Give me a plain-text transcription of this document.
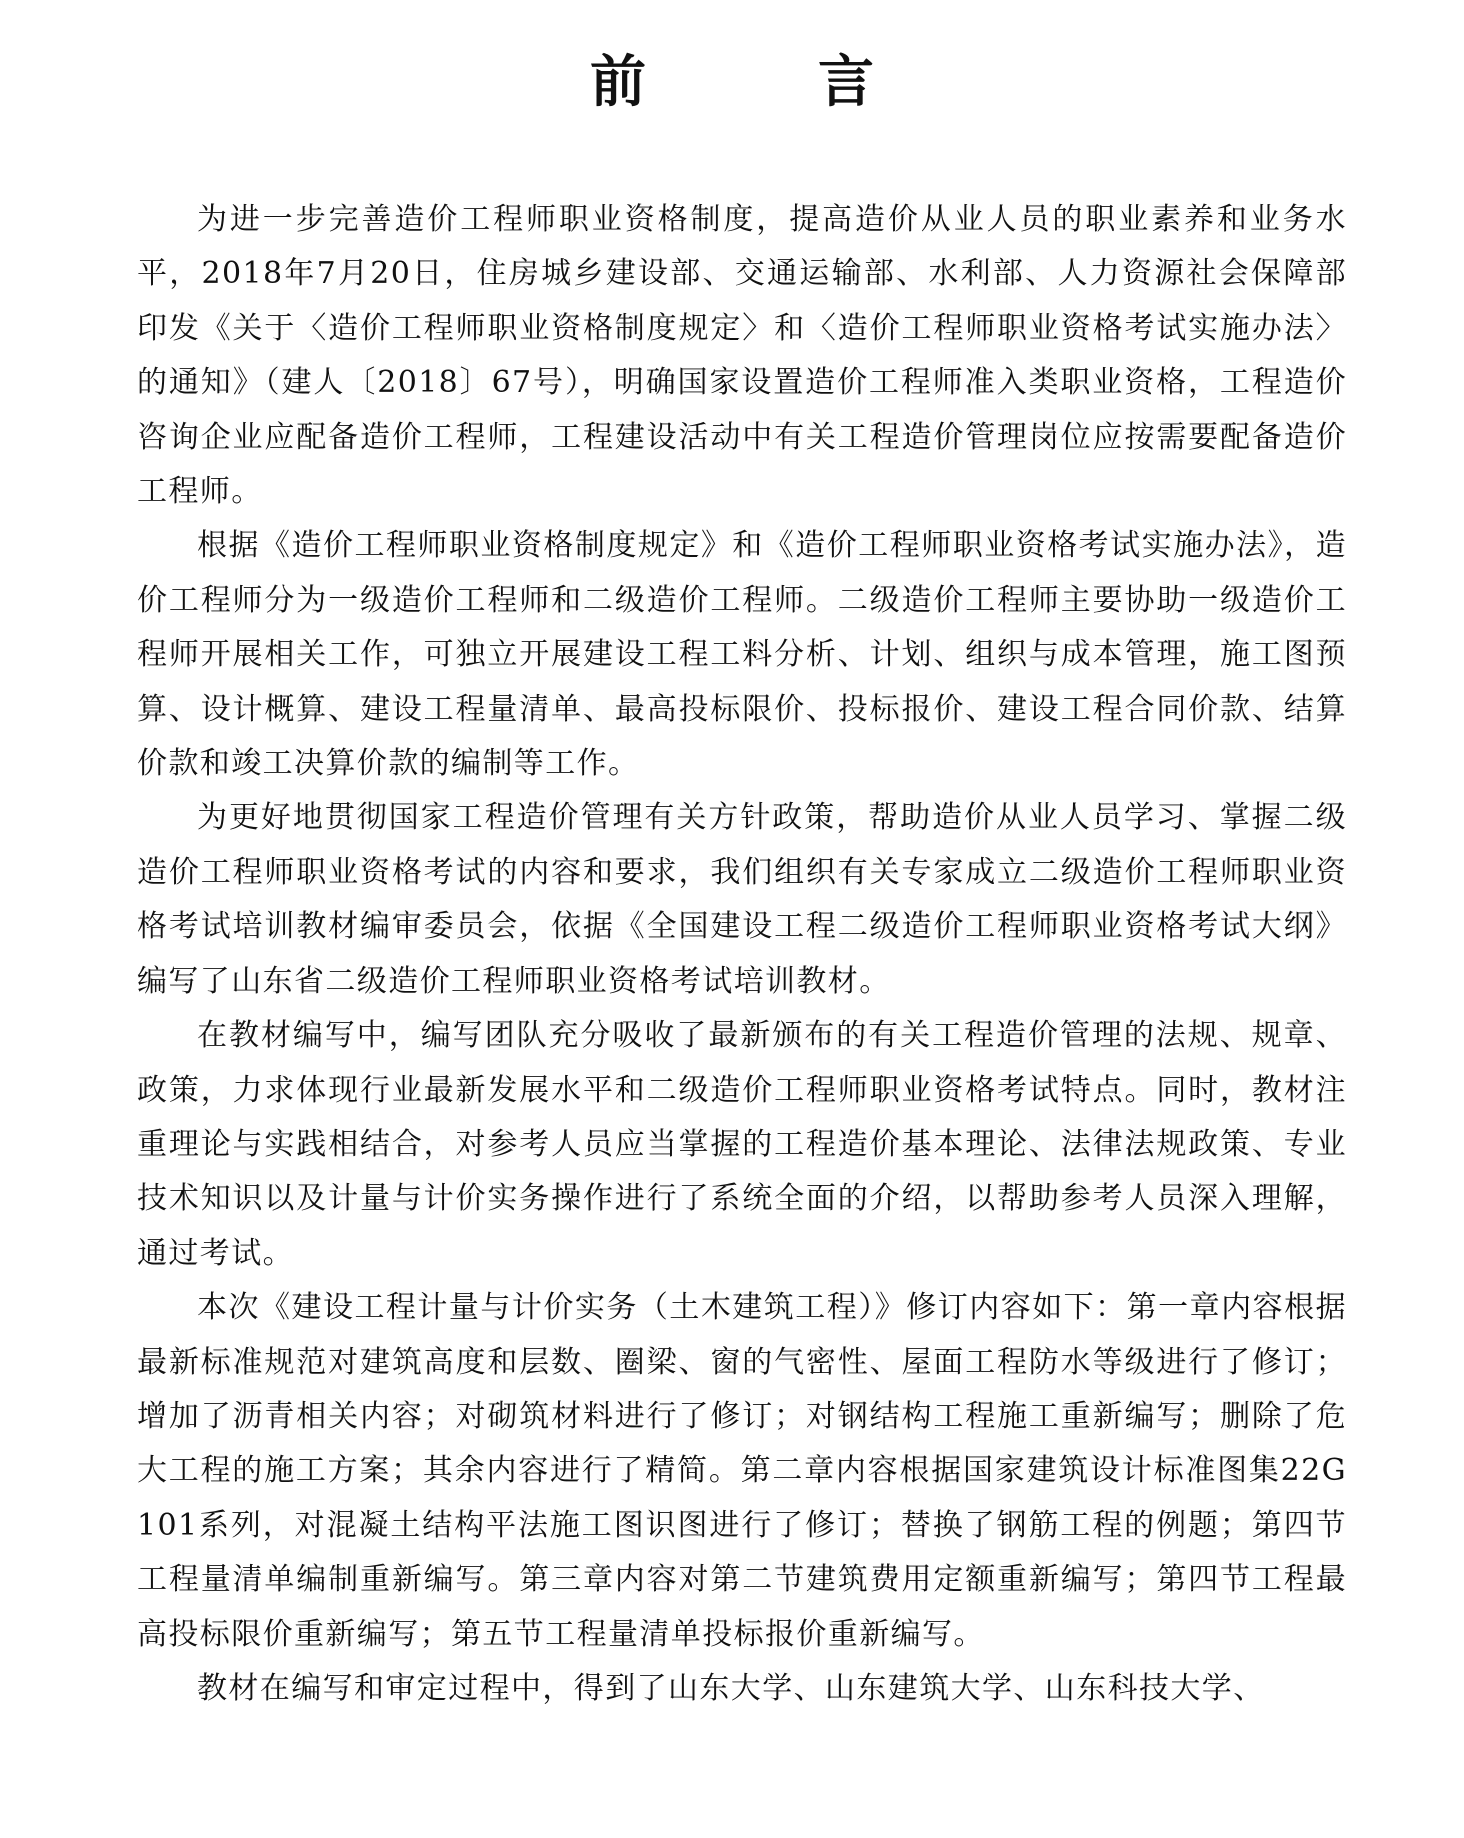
前　言

为进一步完善造价工程师职业资格制度，提高造价从业人员的职业素养和业务水平，2018年7月20日，住房城乡建设部、交通运输部、水利部、人力资源社会保障部印发《关于〈造价工程师职业资格制度规定〉和〈造价工程师职业资格考试实施办法〉的通知》（建人〔2018〕67号），明确国家设置造价工程师准入类职业资格，工程造价咨询企业应配备造价工程师，工程建设活动中有关工程造价管理岗位应按需要配备造价工程师。

根据《造价工程师职业资格制度规定》和《造价工程师职业资格考试实施办法》，造价工程师分为一级造价工程师和二级造价工程师。二级造价工程师主要协助一级造价工程师开展相关工作，可独立开展建设工程工料分析、计划、组织与成本管理，施工图预算、设计概算、建设工程量清单、最高投标限价、投标报价、建设工程合同价款、结算价款和竣工决算价款的编制等工作。

为更好地贯彻国家工程造价管理有关方针政策，帮助造价从业人员学习、掌握二级造价工程师职业资格考试的内容和要求，我们组织有关专家成立二级造价工程师职业资格考试培训教材编审委员会，依据《全国建设工程二级造价工程师职业资格考试大纲》编写了山东省二级造价工程师职业资格考试培训教材。

在教材编写中，编写团队充分吸收了最新颁布的有关工程造价管理的法规、规章、政策，力求体现行业最新发展水平和二级造价工程师职业资格考试特点。同时，教材注重理论与实践相结合，对参考人员应当掌握的工程造价基本理论、法律法规政策、专业技术知识以及计量与计价实务操作进行了系统全面的介绍，以帮助参考人员深入理解，通过考试。

本次《建设工程计量与计价实务（土木建筑工程）》修订内容如下：第一章内容根据最新标准规范对建筑高度和层数、圈梁、窗的气密性、屋面工程防水等级进行了修订；增加了沥青相关内容；对砌筑材料进行了修订；对钢结构工程施工重新编写；删除了危大工程的施工方案；其余内容进行了精简。第二章内容根据国家建筑设计标准图集22G101系列，对混凝土结构平法施工图识图进行了修订；替换了钢筋工程的例题；第四节工程量清单编制重新编写。第三章内容对第二节建筑费用定额重新编写；第四节工程最高投标限价重新编写；第五节工程量清单投标报价重新编写。

教材在编写和审定过程中，得到了山东大学、山东建筑大学、山东科技大学、
